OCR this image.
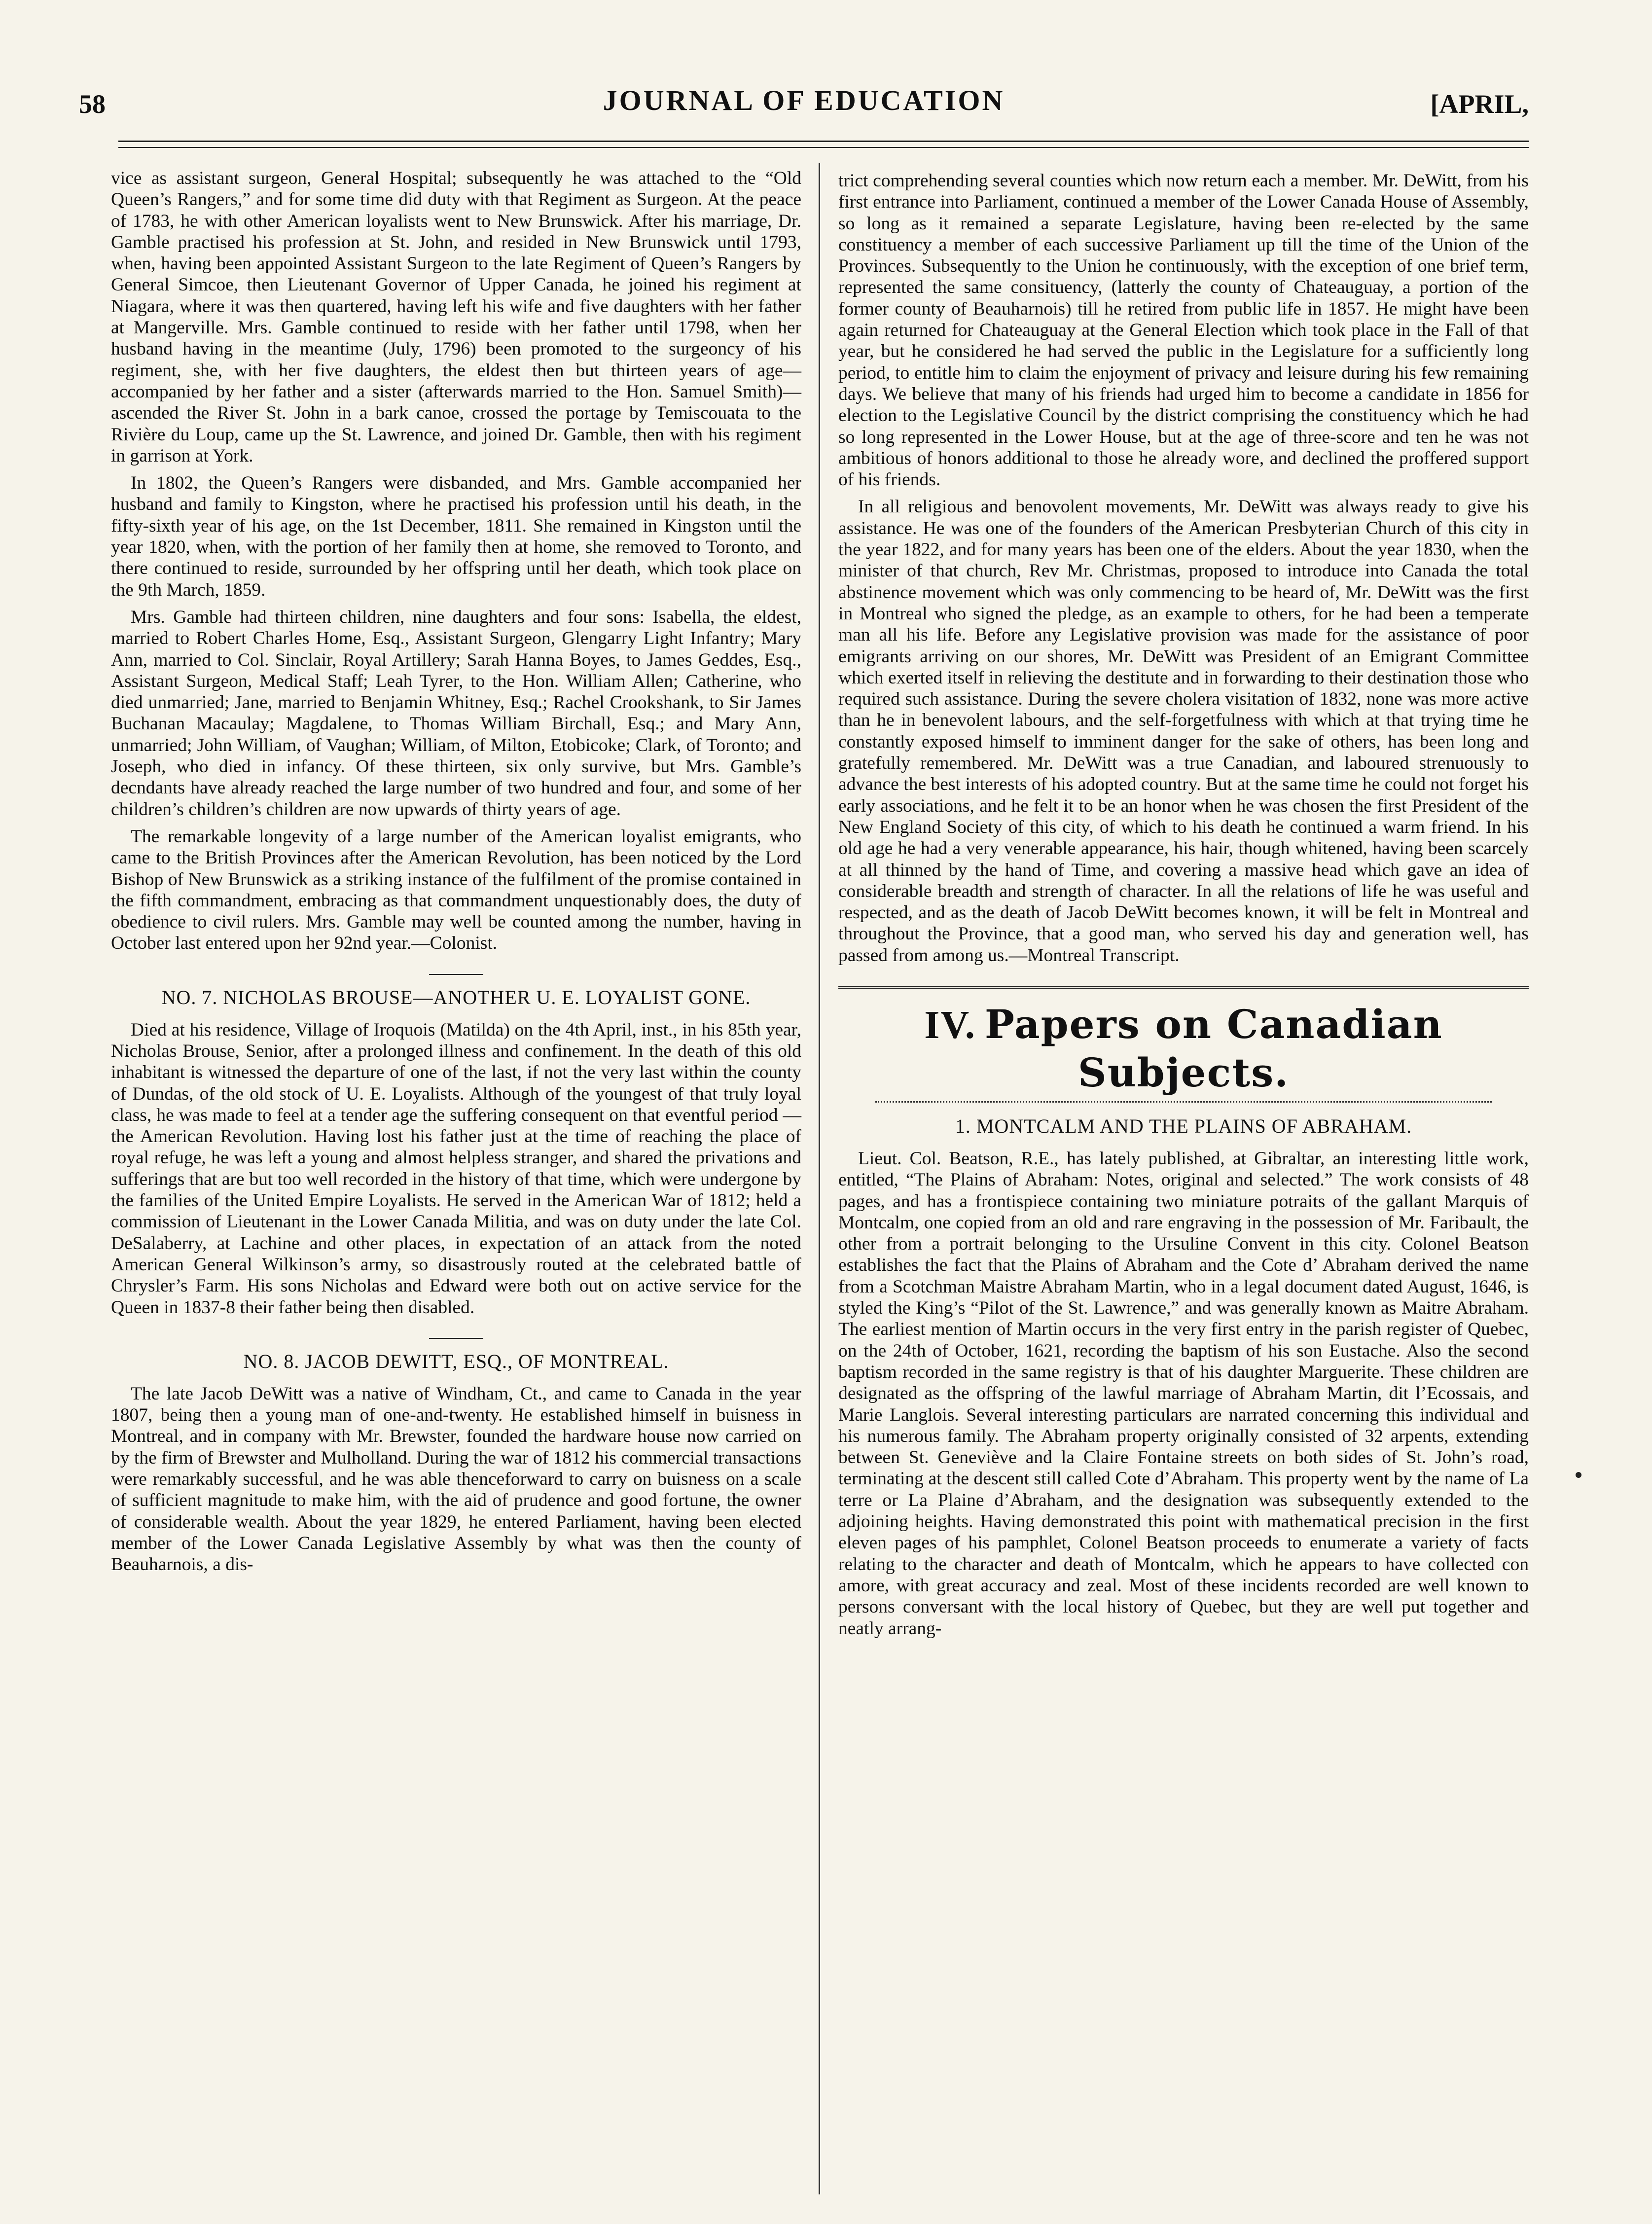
58	JOURNAL OF EDUCATION	[APRIL,

vice as assistant surgeon, General Hospital; subsequently he was attached to the “Old Queen’s Rangers,” and for some time did duty with that Regiment as Surgeon. At the peace of 1783, he with other American loyalists went to New Brunswick. After his marriage, Dr. Gamble practised his profession at St. John, and resided in New Brunswick until 1793, when, having been appointed Assistant Surgeon to the late Regiment of Queen’s Rangers by General Simcoe, then Lieutenant Governor of Upper Canada, he joined his regiment at Niagara, where it was then quartered, having left his wife and five daughters with her father at Mangerville. Mrs. Gamble continued to reside with her father until 1798, when her husband having in the meantime (July, 1796) been promoted to the surgeoncy of his regiment, she, with her five daughters, the eldest then but thirteen years of age—accompanied by her father and a sister (afterwards married to the Hon. Samuel Smith)—ascended the River St. John in a bark canoe, crossed the portage by Temiscouata to the Rivière du Loup, came up the St. Lawrence, and joined Dr. Gamble, then with his regiment in garrison at York.

In 1802, the Queen’s Rangers were disbanded, and Mrs. Gamble accompanied her husband and family to Kingston, where he practised his profession until his death, in the fifty-sixth year of his age, on the 1st December, 1811. She remained in Kingston until the year 1820, when, with the portion of her family then at home, she removed to Toronto, and there continued to reside, surrounded by her offspring until her death, which took place on the 9th March, 1859.

Mrs. Gamble had thirteen children, nine daughters and four sons: Isabella, the eldest, married to Robert Charles Home, Esq., Assistant Surgeon, Glengarry Light Infantry; Mary Ann, married to Col. Sinclair, Royal Artillery; Sarah Hanna Boyes, to James Geddes, Esq., Assistant Surgeon, Medical Staff; Leah Tyrer, to the Hon. William Allen; Catherine, who died unmarried; Jane, married to Benjamin Whitney, Esq.; Rachel Crookshank, to Sir James Buchanan Macaulay; Magdalene, to Thomas William Birchall, Esq.; and Mary Ann, unmarried; John William, of Vaughan; William, of Milton, Etobicoke; Clark, of Toronto; and Joseph, who died in infancy. Of these thirteen, six only survive, but Mrs. Gamble’s decndants have already reached the large number of two hundred and four, and some of her children’s children’s children are now upwards of thirty years of age.

The remarkable longevity of a large number of the American loyalist emigrants, who came to the British Provinces after the American Revolution, has been noticed by the Lord Bishop of New Brunswick as a striking instance of the fulfilment of the promise contained in the fifth commandment, embracing as that commandment unquestionably does, the duty of obedience to civil rulers. Mrs. Gamble may well be counted among the number, having in October last entered upon her 92nd year.—Colonist.

NO. 7. NICHOLAS BROUSE—ANOTHER U. E. LOYALIST GONE.

Died at his residence, Village of Iroquois (Matilda) on the 4th April, inst., in his 85th year, Nicholas Brouse, Senior, after a prolonged illness and confinement. In the death of this old inhabitant is witnessed the departure of one of the last, if not the very last within the county of Dundas, of the old stock of U. E. Loyalists. Although of the youngest of that truly loyal class, he was made to feel at a tender age the suffering consequent on that eventful period —the American Revolution. Having lost his father just at the time of reaching the place of royal refuge, he was left a young and almost helpless stranger, and shared the privations and sufferings that are but too well recorded in the history of that time, which were undergone by the families of the United Empire Loyalists. He served in the American War of 1812; held a commission of Lieutenant in the Lower Canada Militia, and was on duty under the late Col. DeSalaberry, at Lachine and other places, in expectation of an attack from the noted American General Wilkinson’s army, so disastrously routed at the celebrated battle of Chrysler’s Farm. His sons Nicholas and Edward were both out on active service for the Queen in 1837-8 their father being then disabled.

NO. 8. JACOB DEWITT, ESQ., OF MONTREAL.

The late Jacob DeWitt was a native of Windham, Ct., and came to Canada in the year 1807, being then a young man of one-and-twenty. He established himself in buisness in Montreal, and in company with Mr. Brewster, founded the hardware house now carried on by the firm of Brewster and Mulholland. During the war of 1812 his commercial transactions were remarkably successful, and he was able thenceforward to carry on buisness on a scale of sufficient magnitude to make him, with the aid of prudence and good fortune, the owner of considerable wealth. About the year 1829, he entered Parliament, having been elected member of the Lower Canada Legislative Assembly by what was then the county of Beauharnois, a dis-

trict comprehending several counties which now return each a member. Mr. DeWitt, from his first entrance into Parliament, continued a member of the Lower Canada House of Assembly, so long as it remained a separate Legislature, having been re-elected by the same constituency a member of each successive Parliament up till the time of the Union of the Provinces. Subsequently to the Union he continuously, with the exception of one brief term, represented the same consituency, (latterly the county of Chateauguay, a portion of the former county of Beauharnois) till he retired from public life in 1857. He might have been again returned for Chateauguay at the General Election which took place in the Fall of that year, but he considered he had served the public in the Legislature for a sufficiently long period, to entitle him to claim the enjoyment of privacy and leisure during his few remaining days. We believe that many of his friends had urged him to become a candidate in 1856 for election to the Legislative Council by the district comprising the constituency which he had so long represented in the Lower House, but at the age of three-score and ten he was not ambitious of honors additional to those he already wore, and declined the proffered support of his friends.

In all religious and benovolent movements, Mr. DeWitt was always ready to give his assistance. He was one of the founders of the American Presbyterian Church of this city in the year 1822, and for many years has been one of the elders. About the year 1830, when the minister of that church, Rev Mr. Christmas, proposed to introduce into Canada the total abstinence movement which was only commencing to be heard of, Mr. DeWitt was the first in Montreal who signed the pledge, as an example to others, for he had been a temperate man all his life. Before any Legislative provision was made for the assistance of poor emigrants arriving on our shores, Mr. DeWitt was President of an Emigrant Committee which exerted itself in relieving the destitute and in forwarding to their destination those who required such assistance. During the severe cholera visitation of 1832, none was more active than he in benevolent labours, and the self-forgetfulness with which at that trying time he constantly exposed himself to imminent danger for the sake of others, has been long and gratefully remembered. Mr. DeWitt was a true Canadian, and laboured strenuously to advance the best interests of his adopted country. But at the same time he could not forget his early associations, and he felt it to be an honor when he was chosen the first President of the New England Society of this city, of which to his death he continued a warm friend. In his old age he had a very venerable appearance, his hair, though whitened, having been scarcely at all thinned by the hand of Time, and covering a massive head which gave an idea of considerable breadth and strength of character. In all the relations of life he was useful and respected, and as the death of Jacob DeWitt becomes known, it will be felt in Montreal and throughout the Province, that a good man, who served his day and generation well, has passed from among us.—Montreal Transcript.

IV. Papers on Canadian Subjects.
1. MONTCALM AND THE PLAINS OF ABRAHAM.

Lieut. Col. Beatson, R.E., has lately published, at Gibraltar, an interesting little work, entitled, “The Plains of Abraham: Notes, original and selected.” The work consists of 48 pages, and has a frontispiece containing two miniature potraits of the gallant Marquis of Montcalm, one copied from an old and rare engraving in the possession of Mr. Faribault, the other from a portrait belonging to the Ursuline Convent in this city. Colonel Beatson establishes the fact that the Plains of Abraham and the Cote d’ Abraham derived the name from a Scotchman Maistre Abraham Martin, who in a legal document dated August, 1646, is styled the King’s “Pilot of the St. Lawrence,” and was generally known as Maitre Abraham. The earliest mention of Martin occurs in the very first entry in the parish register of Quebec, on the 24th of October, 1621, recording the baptism of his son Eustache. Also the second baptism recorded in the same registry is that of his daughter Marguerite. These children are designated as the offspring of the lawful marriage of Abraham Martin, dit l’Ecossais, and Marie Langlois. Several interesting particulars are narrated concerning this individual and his numerous family. The Abraham property originally consisted of 32 arpents, extending between St. Geneviève and la Claire Fontaine streets on both sides of St. John’s road, terminating at the descent still called Cote d’Abraham. This property went by the name of La terre or La Plaine d’Abraham, and the designation was subsequently extended to the adjoining heights. Having demonstrated this point with mathematical precision in the first eleven pages of his pamphlet, Colonel Beatson proceeds to enumerate a variety of facts relating to the character and death of Montcalm, which he appears to have collected con amore, with great accuracy and zeal. Most of these incidents recorded are well known to persons conversant with the local history of Quebec, but they are well put together and neatly arrang-
